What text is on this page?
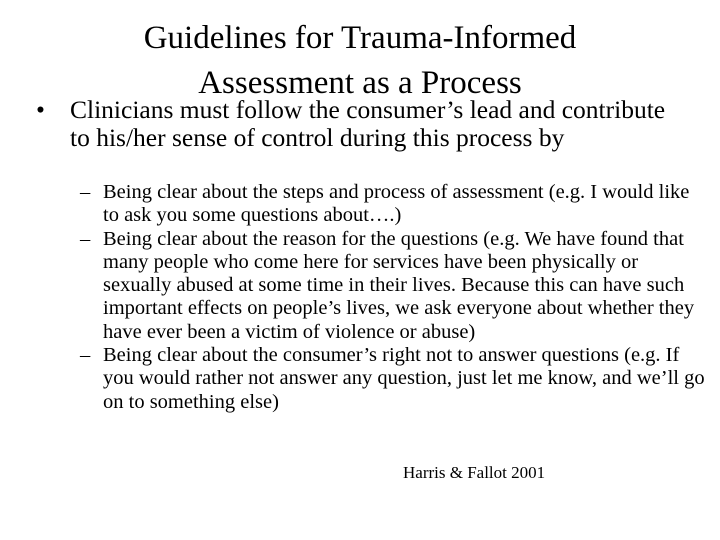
Guidelines for Trauma-Informed
Assessment as a Process
• Clinicians must follow the consumer’s lead and contribute to his/her sense of control during this process by
– Being clear about the steps and process of assessment (e.g. I would like to ask you some questions about….)
– Being clear about the reason for the questions (e.g. We have found that many people who come here for services have been physically or sexually abused at some time in their lives. Because this can have such important effects on people’s lives, we ask everyone about whether they have ever been a victim of violence or abuse)
– Being clear about the consumer’s right not to answer questions (e.g. If you would rather not answer any question, just let me know, and we’ll go on to something else)
Harris & Fallot 2001
